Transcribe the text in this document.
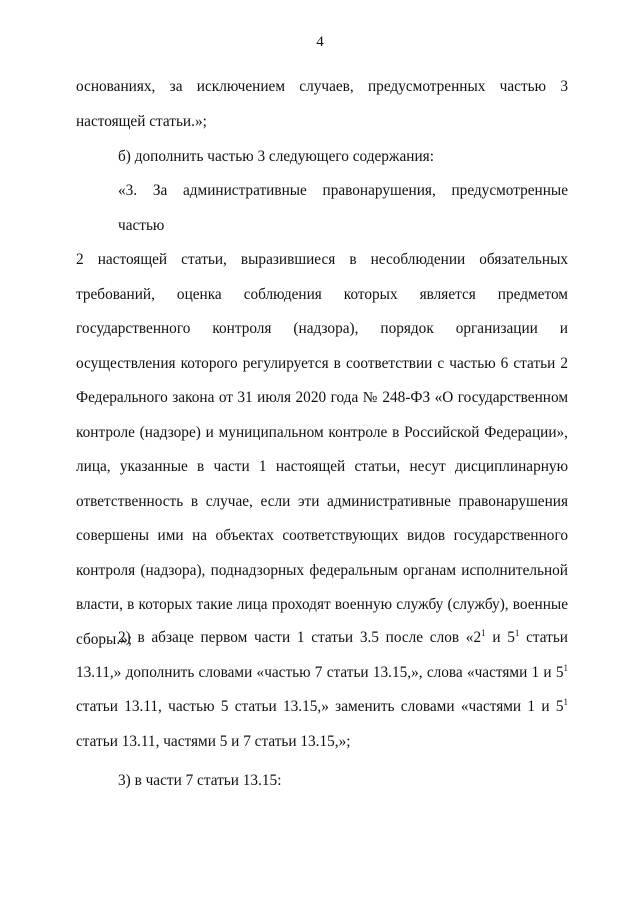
4
основаниях, за исключением случаев, предусмотренных частью 3
настоящей статьи.»;
б) дополнить частью 3 следующего содержания:
«3. За административные правонарушения, предусмотренные частью
2 настоящей статьи, выразившиеся в несоблюдении обязательных
требований, оценка соблюдения которых является предметом
государственного контроля (надзора), порядок организации и
осуществления которого регулируется в соответствии с частью 6 статьи 2
Федерального закона от 31 июля 2020 года № 248-ФЗ «О государственном
контроле (надзоре) и муниципальном контроле в Российской Федерации»,
лица, указанные в части 1 настоящей статьи, несут дисциплинарную
ответственность в случае, если эти административные правонарушения
совершены ими на объектах соответствующих видов государственного
контроля (надзора), поднадзорных федеральным органам исполнительной
власти, в которых такие лица проходят военную службу (службу), военные
сборы.»;
2) в абзаце первом части 1 статьи 3.5 после слов «$2^1$ и $5^1$ статьи
13.11,» дополнить словами «частью 7 статьи 13.15,», слова «частями 1 и $5^1$
статьи 13.11, частью 5 статьи 13.15,» заменить словами «частями 1 и $5^1$
статьи 13.11, частями 5 и 7 статьи 13.15,»;
3) в части 7 статьи 13.15:
